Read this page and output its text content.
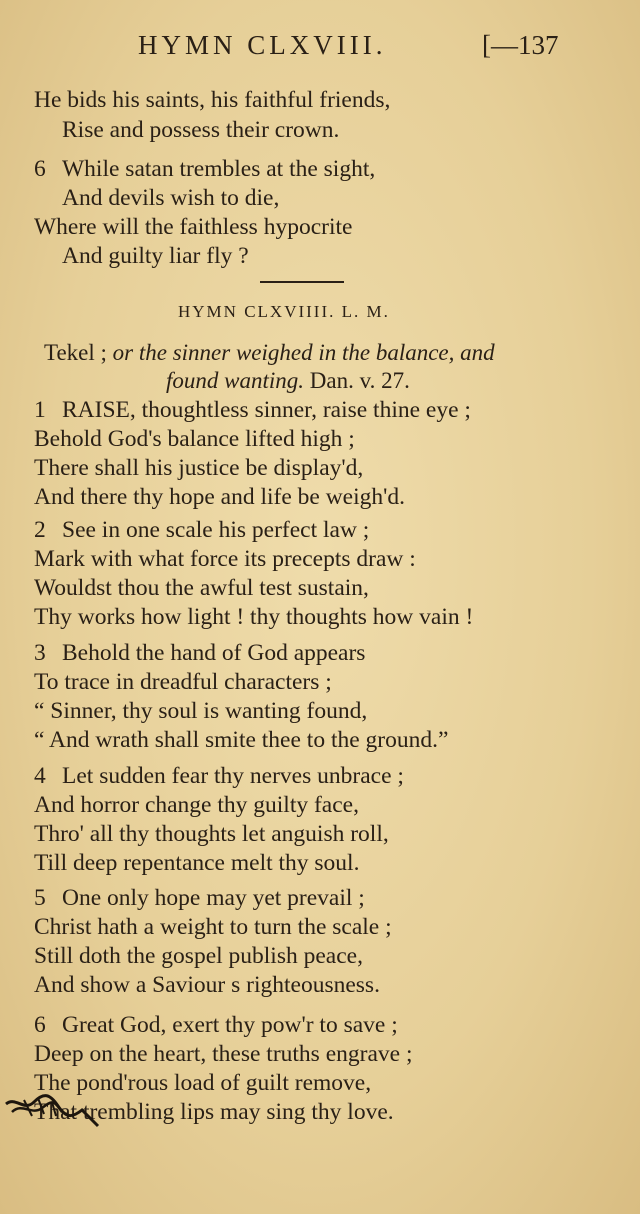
HYMN CLXVIII.	[—137
He bids his saints, his faithful friends,
Rise and possess their crown.
6 While satan trembles at the sight,
And devils wish to die,
Where will the faithless hypocrite
And guilty liar fly ?
HYMN CLXVIIII. L. M.
Tekel ; or the sinner weighed in the balance, and
found wanting. Dan. v. 27.
1 RAISE, thoughtless sinner, raise thine eye ;
Behold God's balance lifted high ;
There shall his justice be display'd,
And there thy hope and life be weigh'd.
2 See in one scale his perfect law ;
Mark with what force its precepts draw :
Wouldst thou the awful test sustain,
Thy works how light ! thy thoughts how vain !
3 Behold the hand of God appears
To trace in dreadful characters ;
“ Sinner, thy soul is wanting found,
“ And wrath shall smite thee to the ground.”
4 Let sudden fear thy nerves unbrace ;
And horror change thy guilty face,
Thro' all thy thoughts let anguish roll,
Till deep repentance melt thy soul.
5 One only hope may yet prevail ;
Christ hath a weight to turn the scale ;
Still doth the gospel publish peace,
And show a Saviour s righteousness.
6 Great God, exert thy pow'r to save ;
Deep on the heart, these truths engrave ;
The pond'rous load of guilt remove,
That trembling lips may sing thy love.
